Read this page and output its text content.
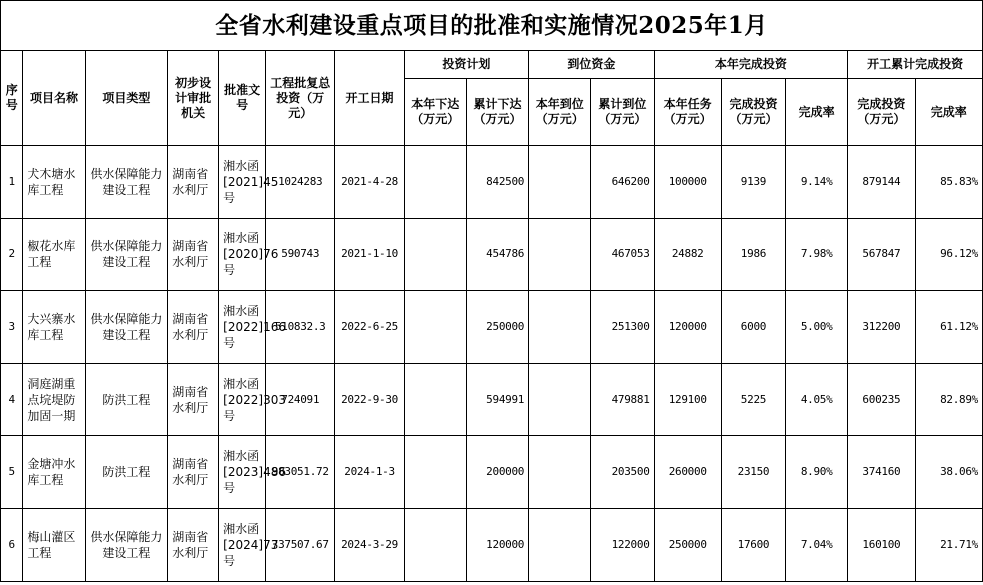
全省水利建设重点项目的批准和实施情况2025年1月
序号	项目名称	项目类型	初步设计审批机关	批准文号	工程批复总投资（万元）	开工日期	投资计划		到位资金		本年完成投资			开工累计完成投资	
							本年下达（万元）	累计下达（万元）	本年到位（万元）	累计到位（万元）	本年任务（万元）	完成投资（万元）	完成率	完成投资（万元）	完成率
1	犬木塘水库工程	供水保障能力建设工程	湖南省水利厅	湘水函[2021]45号	1024283	2021-4-28		842500		646200	100000	9139	9.14%	879144	85.83%
2	椒花水库工程	供水保障能力建设工程	湖南省水利厅	湘水函[2020]76号	590743	2021-1-10		454786		467053	24882	1986	7.98%	567847	96.12%
3	大兴寨水库工程	供水保障能力建设工程	湖南省水利厅	湘水函[2022]166号	510832.3	2022-6-25		250000		251300	120000	6000	5.00%	312200	61.12%
4	洞庭湖重点垸堤防加固一期	防洪工程	湖南省水利厅	湘水函[2022]303号	724091	2022-9-30		594991		479881	129100	5225	4.05%	600235	82.89%
5	金塘冲水库工程	防洪工程	湖南省水利厅	湘水函[2023]486号	983051.72	2024-1-3		200000		203500	260000	23150	8.90%	374160	38.06%
6	梅山灌区工程	供水保障能力建设工程	湖南省水利厅	湘水函[2024]73号	737507.67	2024-3-29		120000		122000	250000	17600	7.04%	160100	21.71%
